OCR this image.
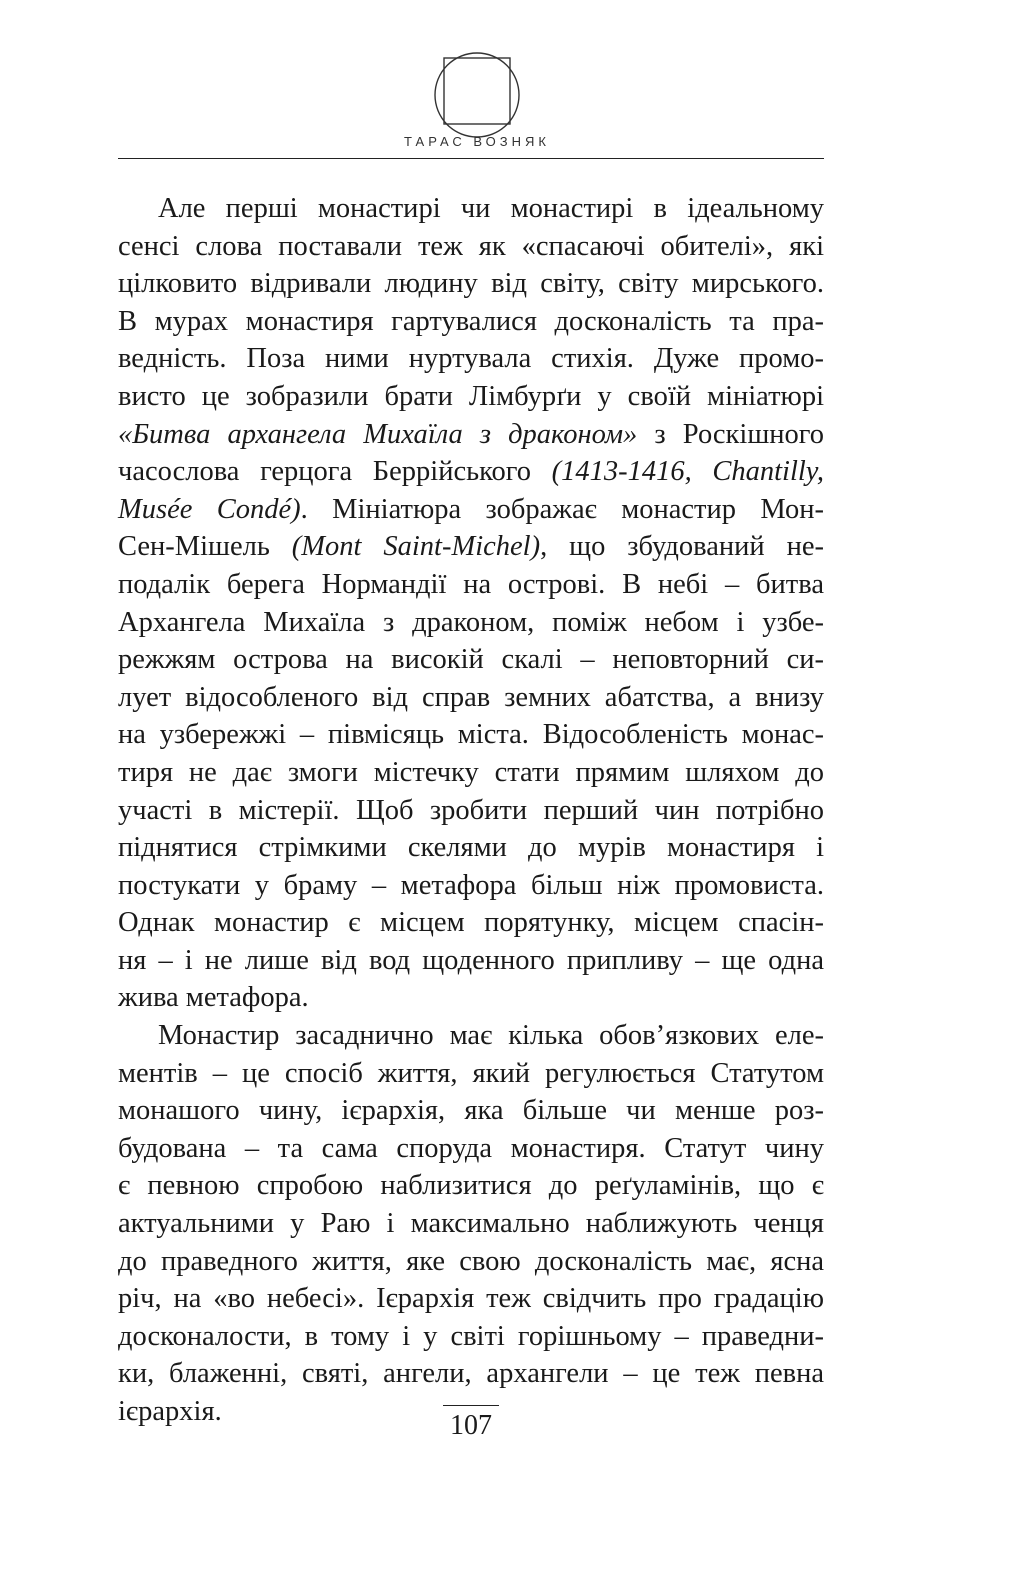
ТАРАС ВОЗНЯК
Але перші монастирі чи монастирі в ідеальному
сенсі слова поставали теж як «спасаючі обителі», які
цілковито відривали людину від світу, світу мирського.
В мурах монастиря гартувалися досконалість та пра-
ведність. Поза ними нуртувала стихія. Дуже промо-
висто це зобразили брати Лімбурґи у своїй мініатюрі
«Битва архангела Михаїла з драконом» з Роскішного
часослова герцога Беррійського (1413-1416, Chantilly,
Musée Condé). Мініатюра зображає монастир Мон-
Сен-Мішель (Mont Saint-Michel), що збудований не-
подалік берега Нормандії на острові. В небі – битва
Архангела Михаїла з драконом, поміж небом і узбе-
режжям острова на високій скалі – неповторний си-
лует відособленого від справ земних абатства, а внизу
на узбережжі – півмісяць міста. Відособленість монас-
тиря не дає змоги містечку стати прямим шляхом до
участі в містерії. Щоб зробити перший чин потрібно
піднятися стрімкими скелями до мурів монастиря і
постукати у браму – метафора більш ніж промовиста.
Однак монастир є місцем порятунку, місцем спасін-
ня – і не лише від вод щоденного припливу – ще одна
жива метафора.
Монастир засаднично має кілька обов’язкових еле-
ментів – це спосіб життя, який регулюється Статутом
монашого чину, ієрархія, яка більше чи менше роз-
будована – та сама споруда монастиря. Статут чину
є певною спробою наблизитися до реґуламінів, що є
актуальними у Раю і максимально наближують ченця
до праведного життя, яке свою досконалість має, ясна
річ, на «во небесі». Ієрархія теж свідчить про градацію
досконалости, в тому і у світі горішньому – праведни-
ки, блаженні, святі, ангели, архангели – це теж певна
ієрархія.	107
